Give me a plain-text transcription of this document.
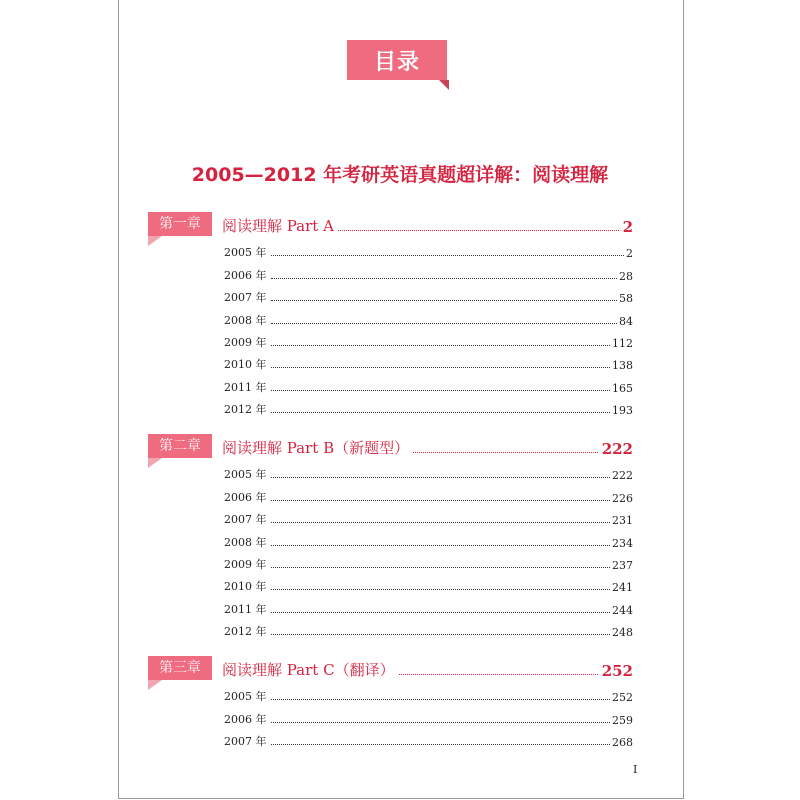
目录
2005—2012 年考研英语真题超详解：阅读理解
第一章	阅读理解 Part A	2
2005 年	2
2006 年	28
2007 年	58
2008 年	84
2009 年	112
2010 年	138
2011 年	165
2012 年	193
第二章	阅读理解 Part B（新题型）	222
2005 年	222
2006 年	226
2007 年	231
2008 年	234
2009 年	237
2010 年	241
2011 年	244
2012 年	248
第三章	阅读理解 Part C（翻译）	252
2005 年	252
2006 年	259
2007 年	268
I
